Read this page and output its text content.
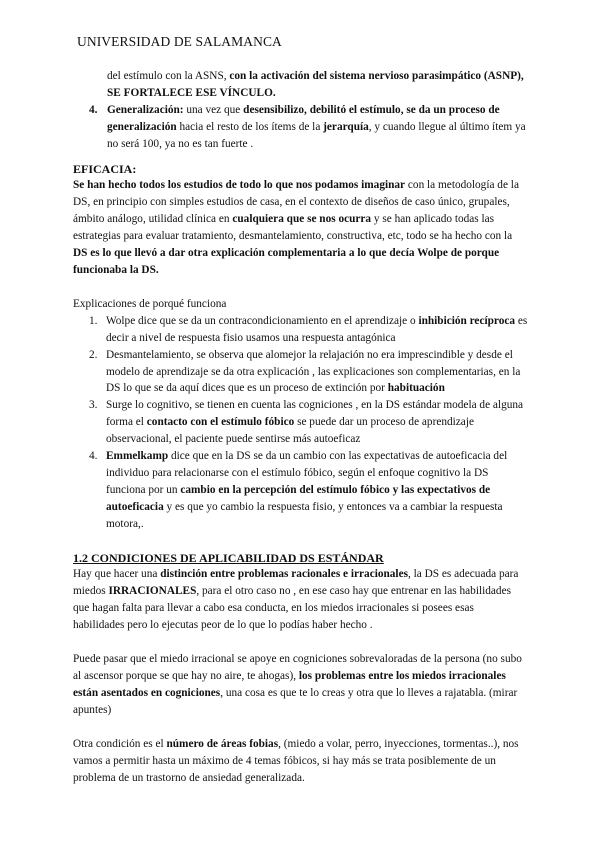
UNIVERSIDAD DE SALAMANCA

del estímulo con la ASNS, con la activación del sistema nervioso parasimpático (ASNP), SE FORTALECE ESE VÍNCULO.

4. Generalización: una vez que desensibilizo, debilitó el estímulo, se da un proceso de generalización hacia el resto de los ítems de la jerarquía, y cuando llegue al último ítem ya no será 100, ya no es tan fuerte .

EFICACIA:

Se han hecho todos los estudios de todo lo que nos podamos imaginar con la metodología de la DS, en principio con simples estudios de casa, en el contexto de diseños de caso único, grupales, ámbito análogo, utilidad clínica en cualquiera que se nos ocurra y se han aplicado todas las estrategias para evaluar tratamiento, desmantelamiento, constructiva, etc, todo se ha hecho con la DS es lo que llevó a dar otra explicación complementaria a lo que decía Wolpe de porque funcionaba la DS.

Explicaciones de porqué funciona

1. Wolpe dice que se da un contracondicionamiento en el aprendizaje o inhibición recíproca es decir a nivel de respuesta fisio usamos una respuesta antagónica
2. Desmantelamiento, se observa que alomejor la relajación no era imprescindible y desde el modelo de aprendizaje se da otra explicación , las explicaciones son complementarias, en la DS lo que se da aquí dices que es un proceso de extinción por habituación
3. Surge lo cognitivo, se tienen en cuenta las cogniciones , en la DS estándar modela de alguna forma el contacto con el estímulo fóbico se puede dar un proceso de aprendizaje observacional, el paciente puede sentirse más autoeficaz
4. Emmelkamp dice que en la DS se da un cambio con las expectativas de autoeficacia del individuo para relacionarse con el estímulo fóbico, según el enfoque cognitivo la DS funciona por un cambio en la percepción del estímulo fóbico y las expectativos de autoeficacia y es que yo cambio la respuesta fisio, y entonces va a cambiar la respuesta motora,.

1.2 CONDICIONES DE APLICABILIDAD DS ESTÁNDAR

Hay que hacer una distinción entre problemas racionales e irracionales, la DS es adecuada para miedos IRRACIONALES, para el otro caso no , en ese caso hay que entrenar en las habilidades que hagan falta para llevar a cabo esa conducta, en los miedos irracionales si posees esas habilidades pero lo ejecutas peor de lo que lo podías haber hecho .

Puede pasar que el miedo irracional se apoye en cogniciones sobrevaloradas de la persona (no subo al ascensor porque se que hay no aire, te ahogas), los problemas entre los miedos irracionales están asentados en cogniciones, una cosa es que te lo creas y otra que lo lleves a rajatabla. (mirar apuntes)

Otra condición es el número de áreas fobias, (miedo a volar, perro, inyecciones, tormentas..), nos vamos a permitir hasta un máximo de 4 temas fóbicos, si hay más se trata posiblemente de un problema de un trastorno de ansiedad generalizada.
